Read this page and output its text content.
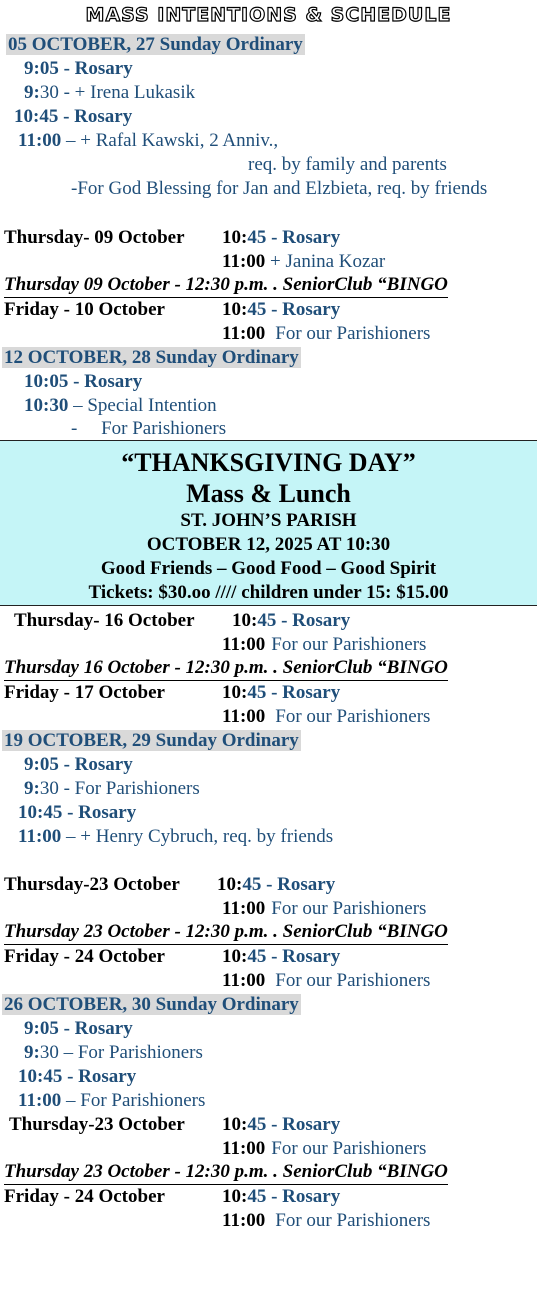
MASS INTENTIONS & SCHEDULE
05 OCTOBER, 27 Sunday Ordinary
9:05 - Rosary
9:30 - + Irena Lukasik
10:45 - Rosary
11:00 – + Rafal Kawski, 2 Anniv.,
req. by family and parents
-For God Blessing for Jan and Elzbieta, req. by friends
Thursday- 09 October 10:45 - Rosary
11:00 + Janina Kozar
Thursday 09 October - 12:30 p.m. . SeniorClub “BINGO
Friday - 10 October	10:45 - Rosary
11:00 For our Parishioners
12 OCTOBER, 28 Sunday Ordinary
10:05 - Rosary
10:30 – Special Intention
-     For Parishioners
“THANKSGIVING DAY”
Mass & Lunch
ST. JOHN’S PARISH
OCTOBER 12, 2025 AT 10:30
Good Friends – Good Food – Good Spirit
Tickets: $30.oo //// children under 15: $15.00
Thursday- 16 October 10:45 - Rosary
11:00 For our Parishioners
Thursday 16 October - 12:30 p.m. . SeniorClub “BINGO
Friday - 17 October	10:45 - Rosary
11:00 For our Parishioners
19 OCTOBER, 29 Sunday Ordinary
9:05 - Rosary
9:30 - For Parishioners
10:45 - Rosary
11:00 – + Henry Cybruch, req. by friends
Thursday-23 October 10:45 - Rosary
11:00 For our Parishioners
Thursday 23 October - 12:30 p.m. . SeniorClub “BINGO
Friday - 24 October	10:45 - Rosary
11:00 For our Parishioners
26 OCTOBER, 30 Sunday Ordinary
9:05 - Rosary
9:30 – For Parishioners
10:45 - Rosary
11:00 – For Parishioners
Thursday-23 October 10:45 - Rosary
11:00 For our Parishioners
Thursday 23 October - 12:30 p.m. . SeniorClub “BINGO
Friday - 24 October	10:45 - Rosary
11:00 For our Parishioners
